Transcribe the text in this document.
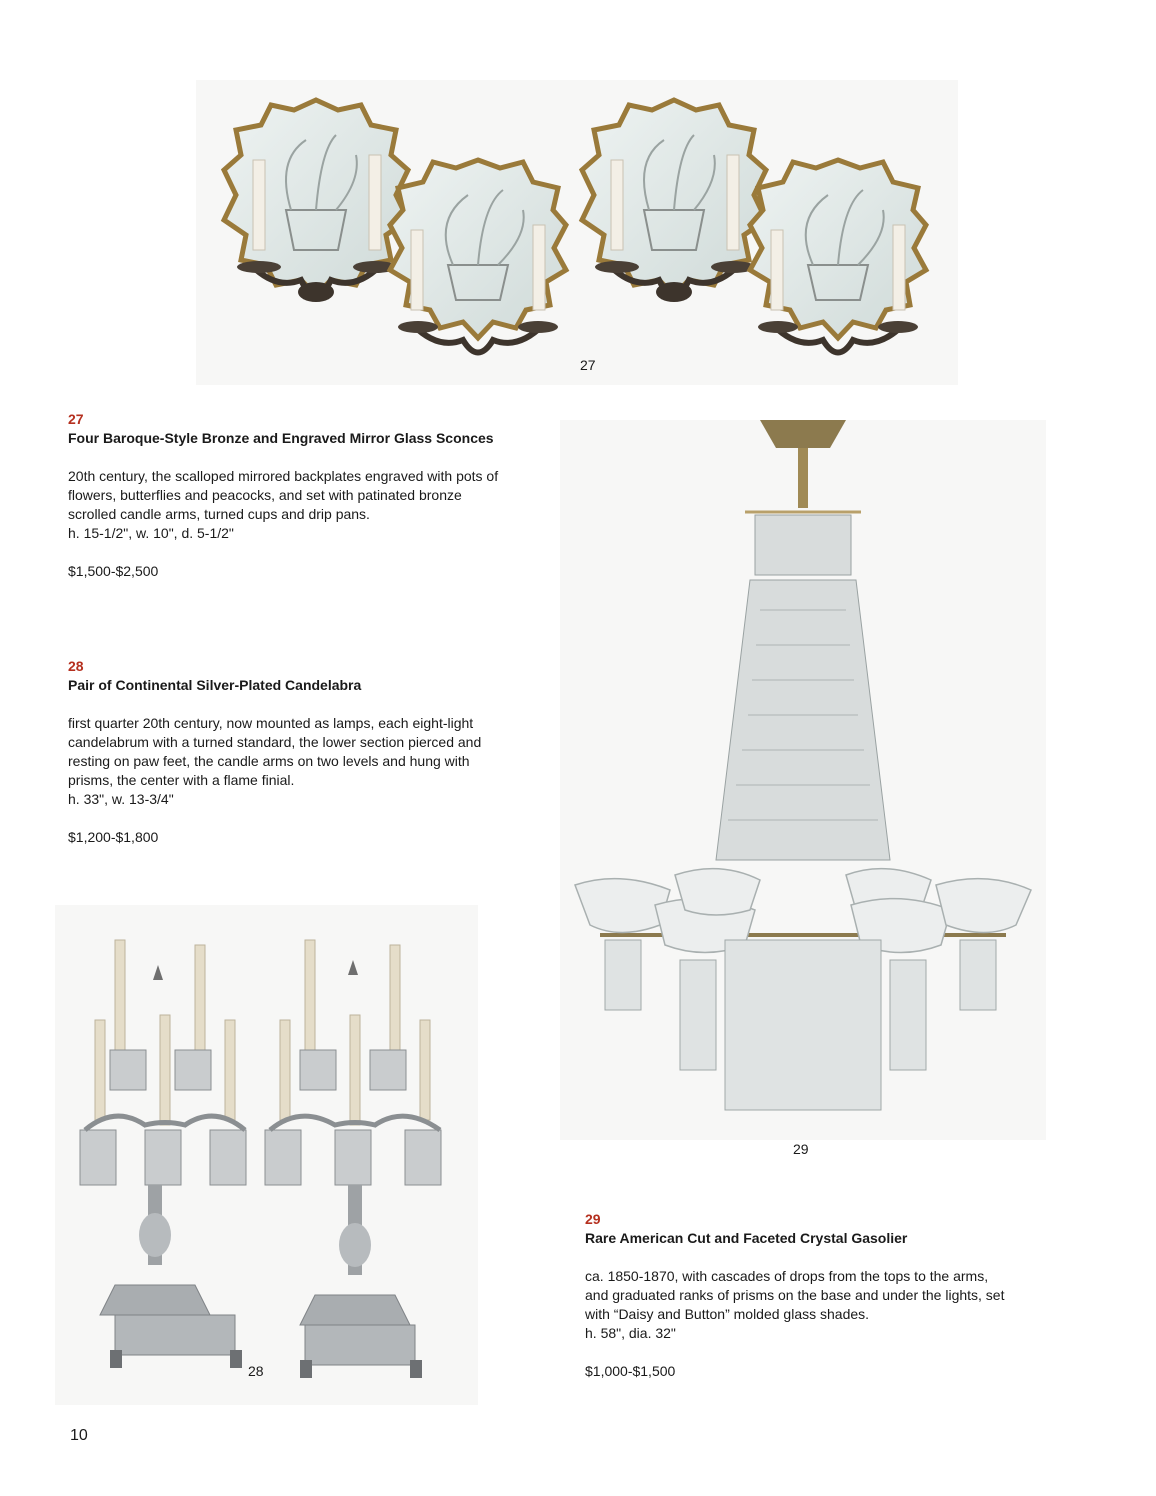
27
27
Four Baroque-Style Bronze and Engraved Mirror Glass Sconces
20th century, the scalloped mirrored backplates engraved with pots of flowers, butterflies and peacocks, and set with patinated bronze scrolled candle arms, turned cups and drip pans.
h. 15-1/2", w. 10", d. 5-1/2"
$1,500-$2,500
28
Pair of Continental Silver-Plated Candelabra
first quarter 20th century, now mounted as lamps, each eight-light candelabrum with a turned standard, the lower section pierced and resting on paw feet, the candle arms on two levels and hung with prisms, the center with a flame finial.
h. 33", w. 13-3/4"
$1,200-$1,800
29
28
29
Rare American Cut and Faceted Crystal Gasolier
ca. 1850-1870, with cascades of drops from the tops to the arms, and graduated ranks of prisms on the base and under the lights, set with “Daisy and Button” molded glass shades.
h. 58", dia. 32"
$1,000-$1,500
10
